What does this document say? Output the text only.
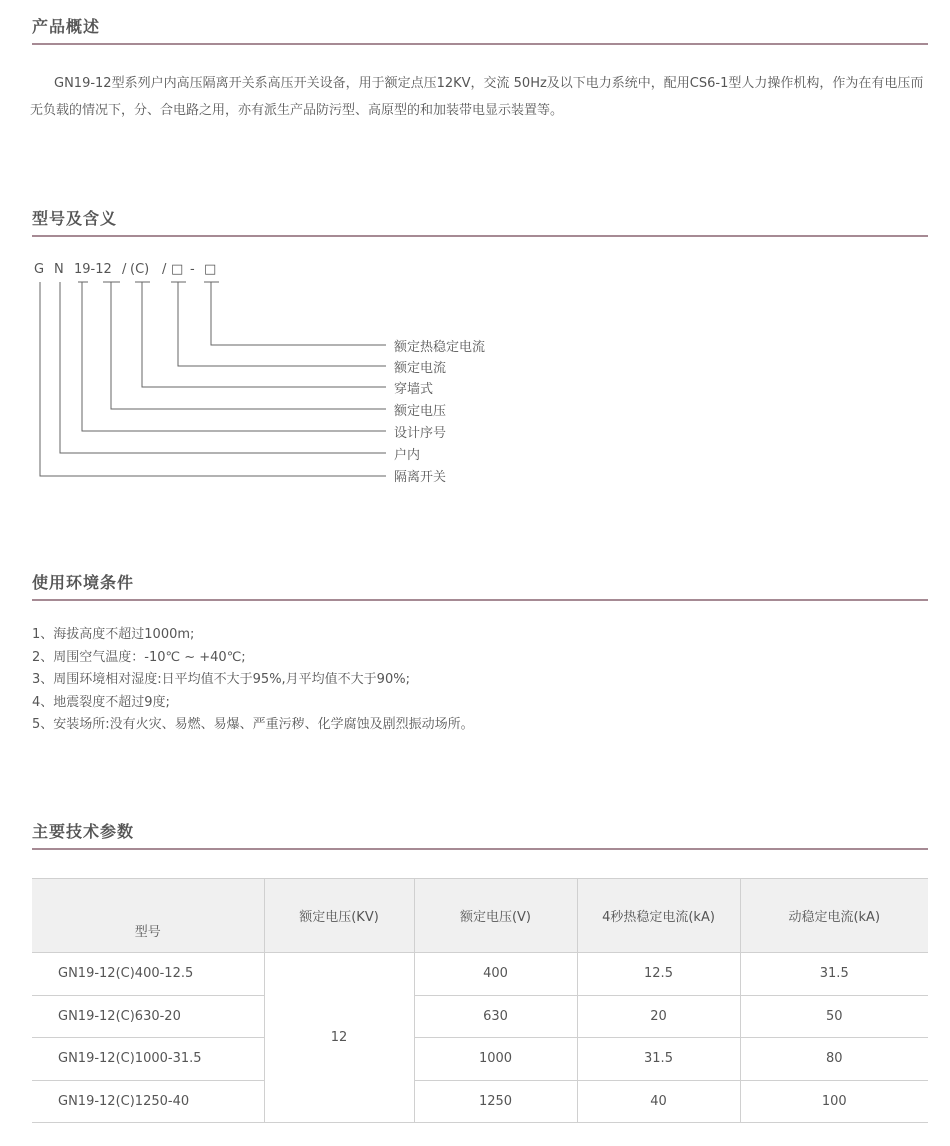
产品概述
GN19-12型系列户内高压隔离开关系高压开关设备，用于额定点压12KV，交流 50Hz及以下电力系统中，配用CS6-1型人力操作机构，作为在有电压而无负载的情况下，分、合电路之用，亦有派生产品防污型、高原型的和加装带电显示装置等。
型号及含义
G N 19-12 / (C) / □ - □
额定热稳定电流
额定电流
穿墙式
额定电压
设计序号
户内
隔离开关
使用环境条件
1、海拔高度不超过1000m;
2、周围空气温度：-10℃ ~ +40℃;
3、周围环境相对湿度:日平均值不大于95%,月平均值不大于90%;
4、地震裂度不超过9度;
5、安装场所:没有火灾、易燃、易爆、严重污秽、化学腐蚀及剧烈振动场所。
主要技术参数
型号	额定电压(KV)	额定电压(V)	4秒热稳定电流(kA)	动稳定电流(kA)
GN19-12(C)400-12.5	12	400	12.5	31.5
GN19-12(C)630-20		630	20	50
GN19-12(C)1000-31.5		1000	31.5	80
GN19-12(C)1250-40		1250	40	100
